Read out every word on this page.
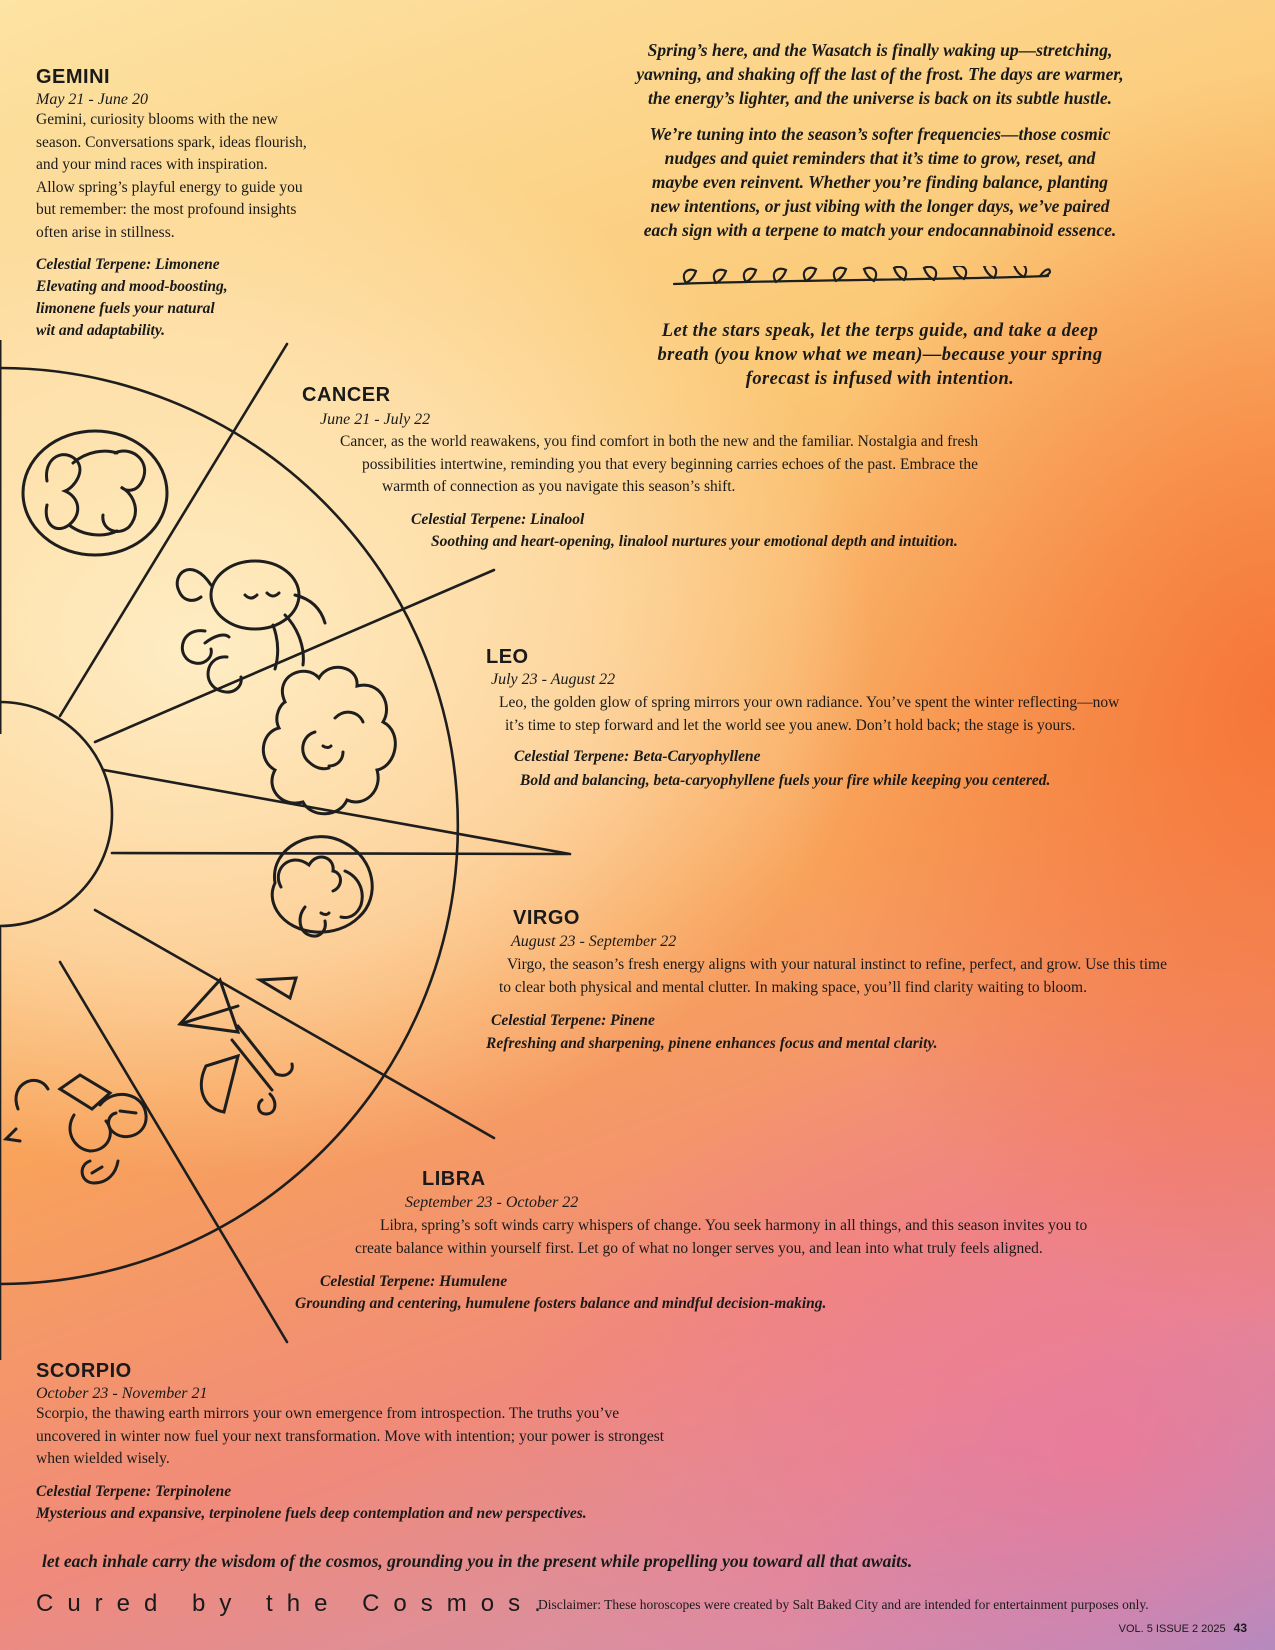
Spring’s here, and the Wasatch is finally waking up—stretching,
yawning, and shaking off the last of the frost. The days are warmer,
the energy’s lighter, and the universe is back on its subtle hustle.
We’re tuning into the season’s softer frequencies—those cosmic
nudges and quiet reminders that it’s time to grow, reset, and
maybe even reinvent. Whether you’re finding balance, planting
new intentions, or just vibing with the longer days, we’ve paired
each sign with a terpene to match your endocannabinoid essence.
Let the stars speak, let the terps guide, and take a deep
breath (you know what we mean)—because your spring
forecast is infused with intention.
GEMINI
May 21 - June 20
Gemini, curiosity blooms with the new
season. Conversations spark, ideas flourish,
and your mind races with inspiration.
Allow spring’s playful energy to guide you
but remember: the most profound insights
often arise in stillness.
Celestial Terpene: Limonene
Elevating and mood-boosting,
limonene fuels your natural
wit and adaptability.
CANCER
June 21 - July 22
Cancer, as the world reawakens, you find comfort in both the new and the familiar. Nostalgia and fresh
possibilities intertwine, reminding you that every beginning carries echoes of the past. Embrace the
warmth of connection as you navigate this season’s shift.
Celestial Terpene: Linalool
Soothing and heart-opening, linalool nurtures your emotional depth and intuition.
LEO
July 23 - August 22
Leo, the golden glow of spring mirrors your own radiance. You’ve spent the winter reflecting—now
it’s time to step forward and let the world see you anew. Don’t hold back; the stage is yours.
Celestial Terpene: Beta-Caryophyllene
Bold and balancing, beta-caryophyllene fuels your fire while keeping you centered.
VIRGO
August 23 - September 22
Virgo, the season’s fresh energy aligns with your natural instinct to refine, perfect, and grow. Use this time
to clear both physical and mental clutter. In making space, you’ll find clarity waiting to bloom.
Celestial Terpene: Pinene
Refreshing and sharpening, pinene enhances focus and mental clarity.
LIBRA
September 23 - October 22
Libra, spring’s soft winds carry whispers of change. You seek harmony in all things, and this season invites you to
create balance within yourself first. Let go of what no longer serves you, and lean into what truly feels aligned.
Celestial Terpene: Humulene
Grounding and centering, humulene fosters balance and mindful decision-making.
SCORPIO
October 23 - November 21
Scorpio, the thawing earth mirrors your own emergence from introspection. The truths you’ve
uncovered in winter now fuel your next transformation. Move with intention; your power is strongest
when wielded wisely.
Celestial Terpene: Terpinolene
Mysterious and expansive, terpinolene fuels deep contemplation and new perspectives.
let each inhale carry the wisdom of the cosmos, grounding you in the present while propelling you toward all that awaits.
Cured by the Cosmos.
Disclaimer: These horoscopes were created by Salt Baked City and are intended for entertainment purposes only.
VOL. 5 ISSUE 2 2025 43
